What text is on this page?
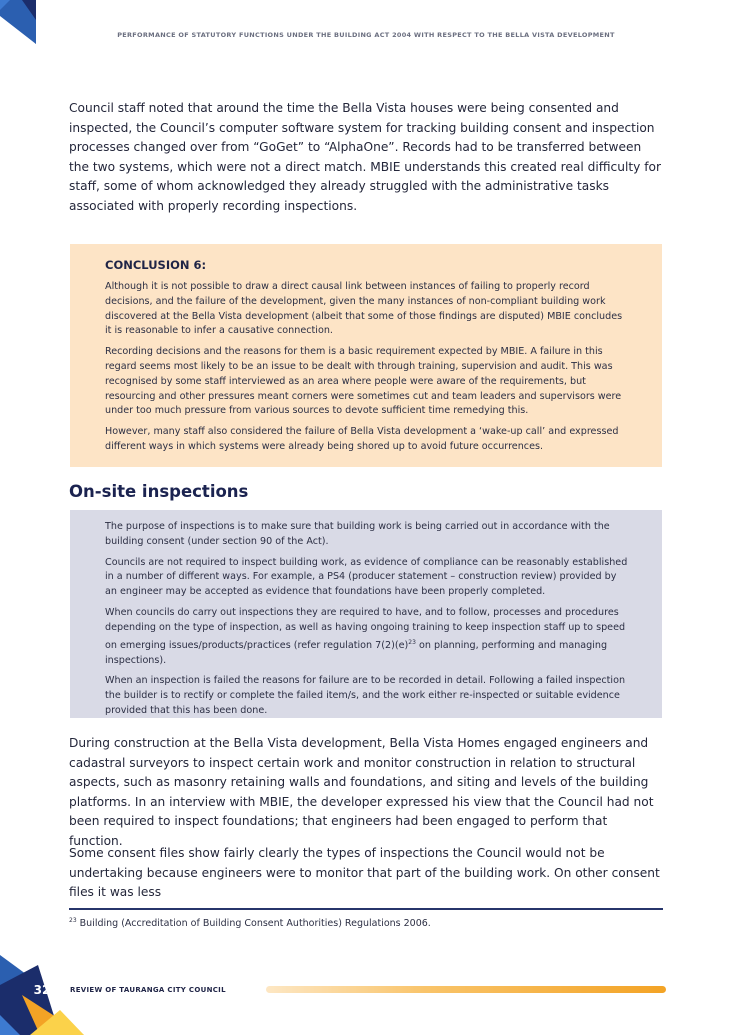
PERFORMANCE OF STATUTORY FUNCTIONS UNDER THE BUILDING ACT 2004 WITH RESPECT TO THE BELLA VISTA DEVELOPMENT

Council staff noted that around the time the Bella Vista houses were being consented and inspected, the Council’s computer software system for tracking building consent and inspection processes changed over from “GoGet” to “AlphaOne”. Records had to be transferred between the two systems, which were not a direct match. MBIE understands this created real difficulty for staff, some of whom acknowledged they already struggled with the administrative tasks associated with properly recording inspections.

CONCLUSION 6:

Although it is not possible to draw a direct causal link between instances of failing to properly record decisions, and the failure of the development, given the many instances of non-compliant building work discovered at the Bella Vista development (albeit that some of those findings are disputed) MBIE concludes it is reasonable to infer a causative connection.

Recording decisions and the reasons for them is a basic requirement expected by MBIE. A failure in this regard seems most likely to be an issue to be dealt with through training, supervision and audit. This was recognised by some staff interviewed as an area where people were aware of the requirements, but resourcing and other pressures meant corners were sometimes cut and team leaders and supervisors were under too much pressure from various sources to devote sufficient time remedying this.

However, many staff also considered the failure of Bella Vista development a ‘wake-up call’ and expressed different ways in which systems were already being shored up to avoid future occurrences.

On-site inspections

The purpose of inspections is to make sure that building work is being carried out in accordance with the building consent (under section 90 of the Act).

Councils are not required to inspect building work, as evidence of compliance can be reasonably established in a number of different ways. For example, a PS4 (producer statement – construction review) provided by an engineer may be accepted as evidence that foundations have been properly completed.

When councils do carry out inspections they are required to have, and to follow, processes and procedures depending on the type of inspection, as well as having ongoing training to keep inspection staff up to speed on emerging issues/products/practices (refer regulation $7(2)(e)^{23}$ on planning, performing and managing inspections).

When an inspection is failed the reasons for failure are to be recorded in detail. Following a failed inspection the builder is to rectify or complete the failed item/s, and the work either re-inspected or suitable evidence provided that this has been done.

During construction at the Bella Vista development, Bella Vista Homes engaged engineers and cadastral surveyors to inspect certain work and monitor construction in relation to structural aspects, such as masonry retaining walls and foundations, and siting and levels of the building platforms. In an interview with MBIE, the developer expressed his view that the Council had not been required to inspect foundations; that engineers had been engaged to perform that function.

Some consent files show fairly clearly the types of inspections the Council would not be undertaking because engineers were to monitor that part of the building work. On other consent files it was less

$^{23}$ Building (Accreditation of Building Consent Authorities) Regulations 2006.
32	REVIEW OF TAURANGA CITY COUNCIL
